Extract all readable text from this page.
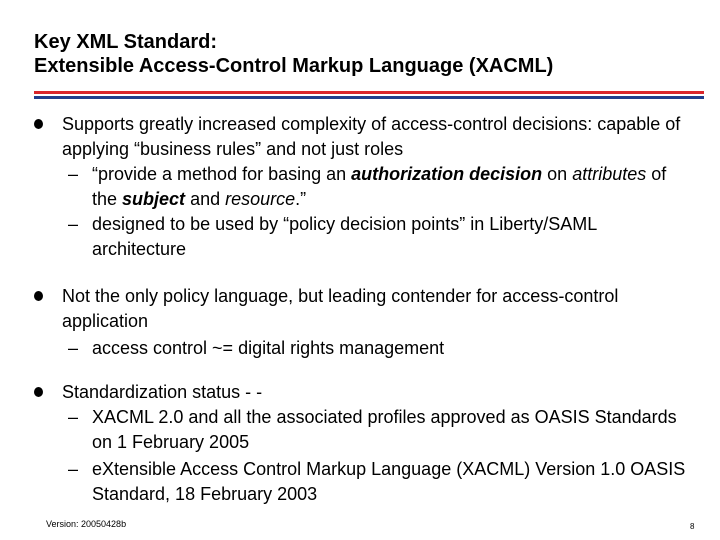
Key XML Standard:
Extensible Access-Control Markup Language (XACML)
Supports greatly increased complexity of access-control decisions: capable of applying “business rules” and not just roles
– “provide a method for basing an authorization decision on attributes of the subject and resource.”
– designed to be used by “policy decision points” in Liberty/SAML architecture
Not the only policy language, but leading contender for access-control application
– access control ~= digital rights management
Standardization status - -
– XACML 2.0 and all the associated profiles approved as OASIS Standards on 1 February 2005
– eXtensible Access Control Markup Language (XACML) Version 1.0 OASIS Standard, 18 February 2003
Version: 20050428b	8
